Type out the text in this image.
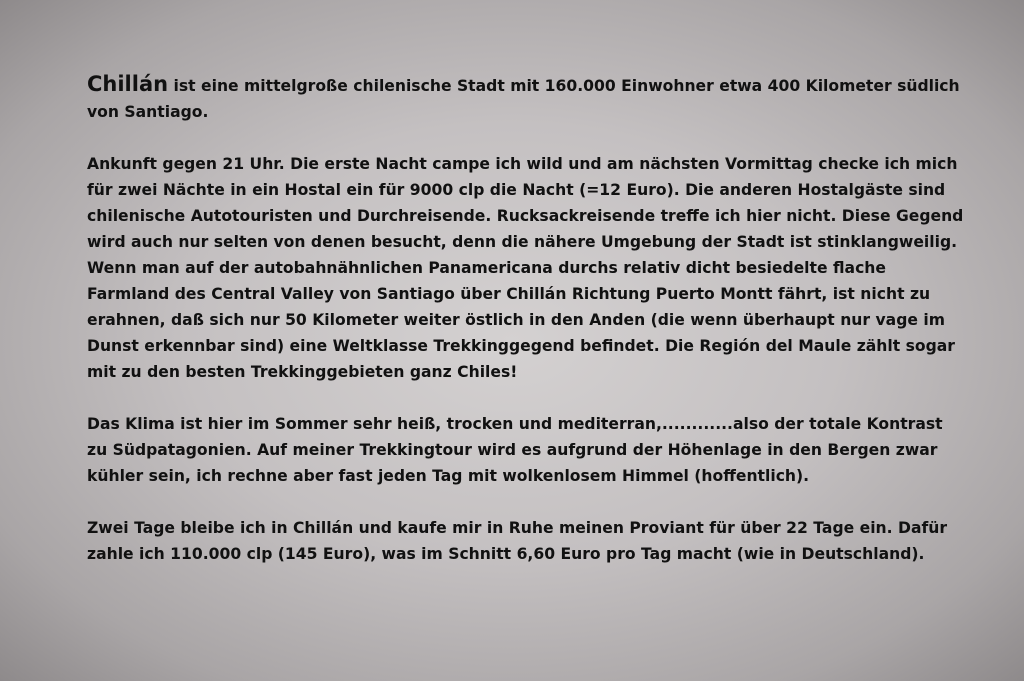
Chillán ist eine mittelgroße chilenische Stadt mit 160.000 Einwohner etwa 400 Kilometer südlich von Santiago.

Ankunft gegen 21 Uhr. Die erste Nacht campe ich wild und am nächsten Vormittag checke ich mich für zwei Nächte in ein Hostal ein für 9000 clp die Nacht (=12 Euro). Die anderen Hostalgäste sind chilenische Autotouristen und Durchreisende. Rucksackreisende treffe ich hier nicht. Diese Gegend wird auch nur selten von denen besucht, denn die nähere Umgebung der Stadt ist stinklangweilig. Wenn man auf der autobahnähnlichen Panamericana durchs relativ dicht besiedelte flache Farmland des Central Valley von Santiago über Chillán Richtung Puerto Montt fährt, ist nicht zu erahnen, daß sich nur 50 Kilometer weiter östlich in den Anden (die wenn überhaupt nur vage im Dunst erkennbar sind) eine Weltklasse Trekkinggegend befindet. Die Región del Maule zählt sogar mit zu den besten Trekkinggebieten ganz Chiles!

Das Klima ist hier im Sommer sehr heiß, trocken und mediterran,............also der totale Kontrast zu Südpatagonien. Auf meiner Trekkingtour wird es aufgrund der Höhenlage in den Bergen zwar kühler sein, ich rechne aber fast jeden Tag mit wolkenlosem Himmel (hoffentlich).

Zwei Tage bleibe ich in Chillán und kaufe mir in Ruhe meinen Proviant für über 22 Tage ein. Dafür zahle ich 110.000 clp (145 Euro), was im Schnitt 6,60 Euro pro Tag macht (wie in Deutschland).
